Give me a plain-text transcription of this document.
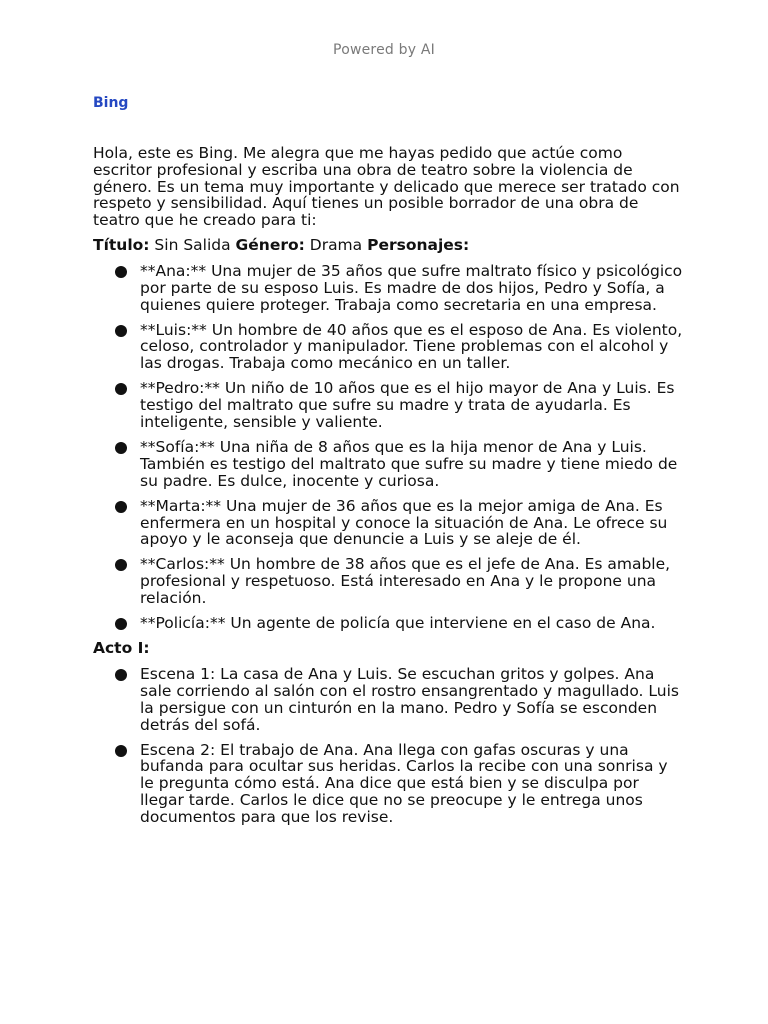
Powered by AI
Bing

Hola, este es Bing. Me alegra que me hayas pedido que actúe como escritor profesional y escriba una obra de teatro sobre la violencia de género. Es un tema muy importante y delicado que merece ser tratado con respeto y sensibilidad. Aquí tienes un posible borrador de una obra de teatro que he creado para ti:

Título: Sin Salida Género: Drama Personajes:
**Ana:** Una mujer de 35 años que sufre maltrato físico y psicológico por parte de su esposo Luis. Es madre de dos hijos, Pedro y Sofía, a quienes quiere proteger. Trabaja como secretaria en una empresa.
**Luis:** Un hombre de 40 años que es el esposo de Ana. Es violento, celoso, controlador y manipulador. Tiene problemas con el alcohol y las drogas. Trabaja como mecánico en un taller.
**Pedro:** Un niño de 10 años que es el hijo mayor de Ana y Luis. Es testigo del maltrato que sufre su madre y trata de ayudarla. Es inteligente, sensible y valiente.
**Sofía:** Una niña de 8 años que es la hija menor de Ana y Luis. También es testigo del maltrato que sufre su madre y tiene miedo de su padre. Es dulce, inocente y curiosa.
**Marta:** Una mujer de 36 años que es la mejor amiga de Ana. Es enfermera en un hospital y conoce la situación de Ana. Le ofrece su apoyo y le aconseja que denuncie a Luis y se aleje de él.
**Carlos:** Un hombre de 38 años que es el jefe de Ana. Es amable, profesional y respetuoso. Está interesado en Ana y le propone una relación.
**Policía:** Un agente de policía que interviene en el caso de Ana.
Acto I:
Escena 1: La casa de Ana y Luis. Se escuchan gritos y golpes. Ana sale corriendo al salón con el rostro ensangrentado y magullado. Luis la persigue con un cinturón en la mano. Pedro y Sofía se esconden detrás del sofá.
Escena 2: El trabajo de Ana. Ana llega con gafas oscuras y una bufanda para ocultar sus heridas. Carlos la recibe con una sonrisa y le pregunta cómo está. Ana dice que está bien y se disculpa por llegar tarde. Carlos le dice que no se preocupe y le entrega unos documentos para que los revise.
